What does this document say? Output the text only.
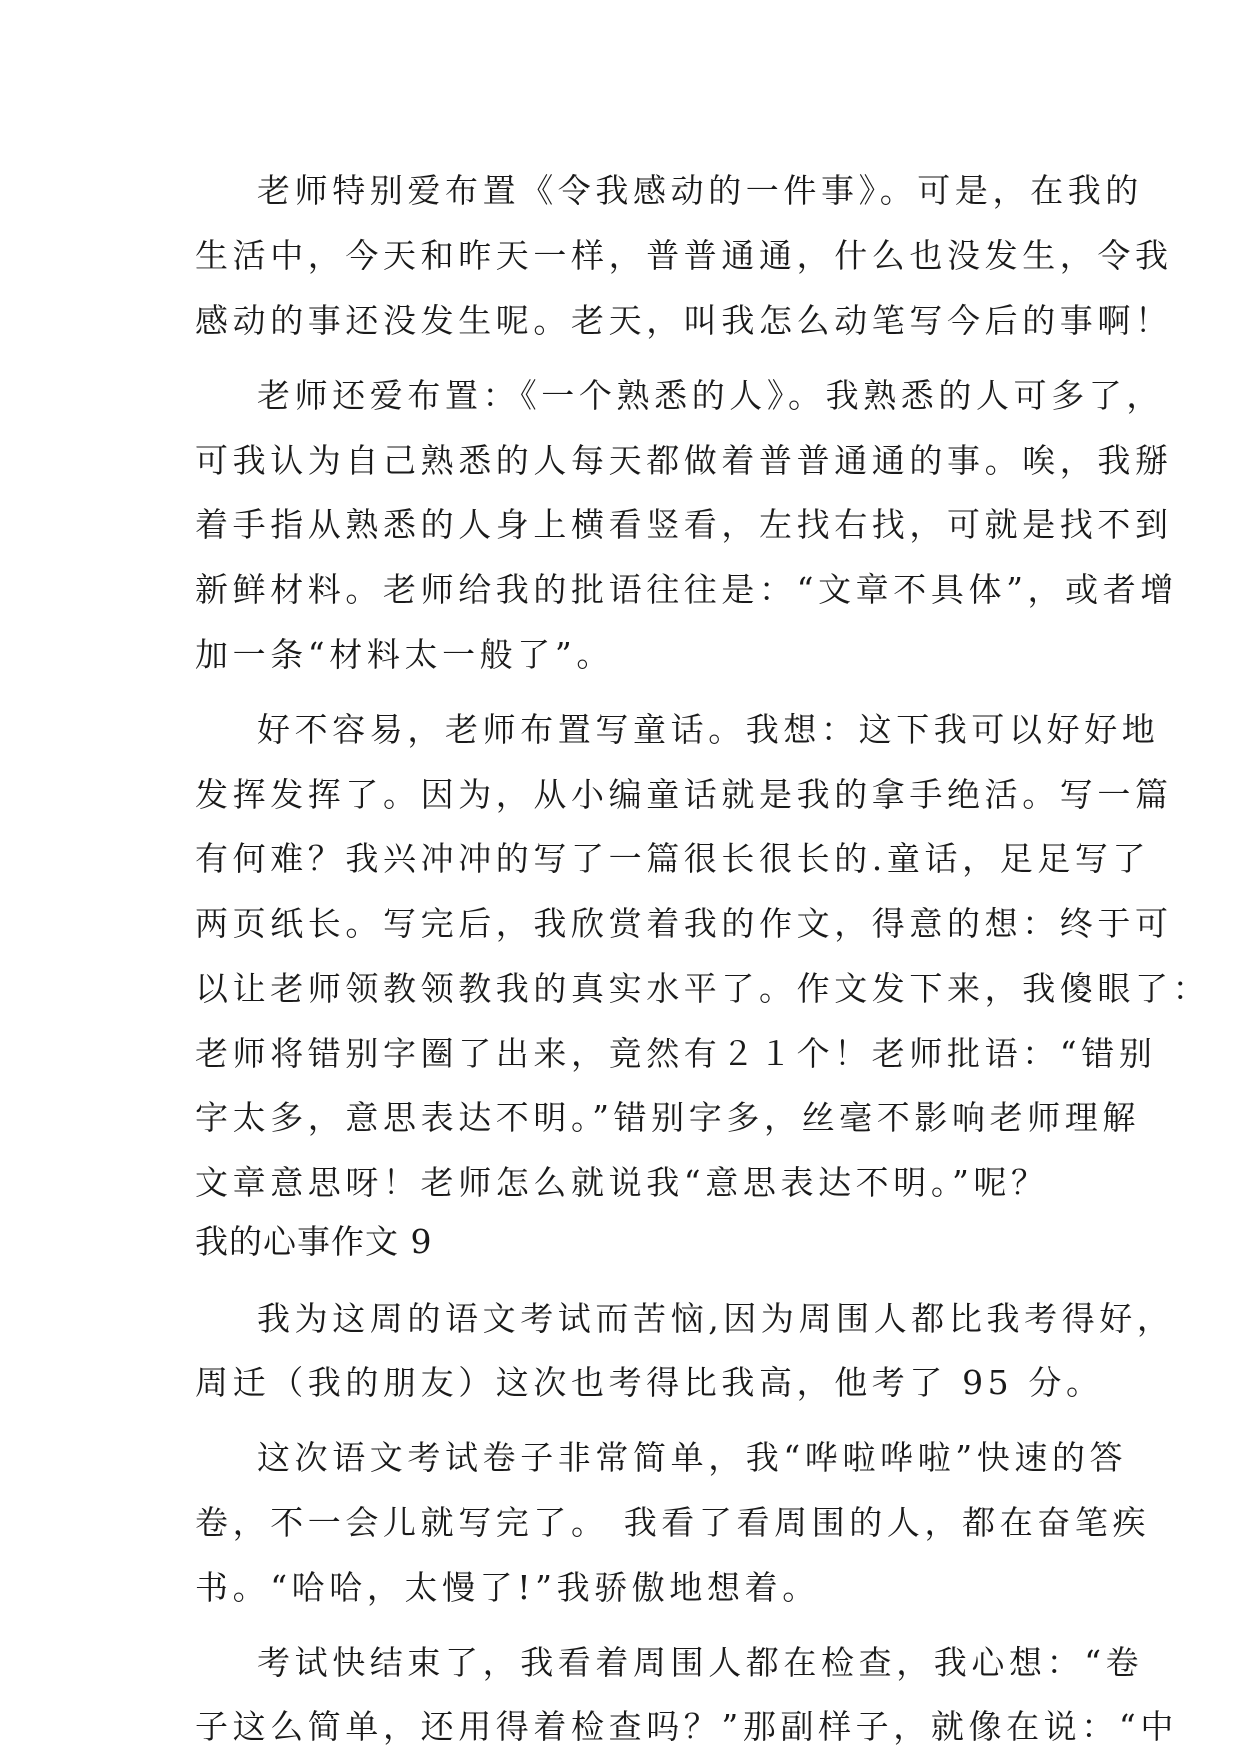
老师特别爱布置《令我感动的一件事》。可是，在我的
生活中，今天和昨天一样，普普通通，什么也没发生，令我
感动的事还没发生呢。老天，叫我怎么动笔写今后的事啊！
老师还爱布置：《一个熟悉的人》。我熟悉的人可多了，
可我认为自己熟悉的人每天都做着普普通通的事。唉，我掰
着手指从熟悉的人身上横看竖看，左找右找，可就是找不到
新鲜材料。老师给我的批语往往是：“文章不具体”，或者增
加一条“材料太一般了”。
好不容易，老师布置写童话。我想：这下我可以好好地
发挥发挥了。因为，从小编童话就是我的拿手绝活。写一篇
有何难？我兴冲冲的写了一篇很长很长的.童话，足足写了
两页纸长。写完后，我欣赏着我的作文，得意的想：终于可
以让老师领教领教我的真实水平了。作文发下来，我傻眼了：
老师将错别字圈了出来，竟然有２１个！老师批语：“错别
字太多，意思表达不明。”错别字多，丝毫不影响老师理解
文章意思呀！老师怎么就说我“意思表达不明。”呢？
我的心事作文 9
我为这周的语文考试而苦恼,因为周围人都比我考得好，
周迁（我的朋友）这次也考得比我高，他考了 95 分。
这次语文考试卷子非常简单，我“哗啦哗啦”快速的答
卷，不一会儿就写完了。 我看了看周围的人，都在奋笔疾
书。“哈哈，太慢了!”我骄傲地想着。
考试快结束了，我看着周围人都在检查，我心想：“卷
子这么简单，还用得着检查吗？”那副样子，就像在说：“中
